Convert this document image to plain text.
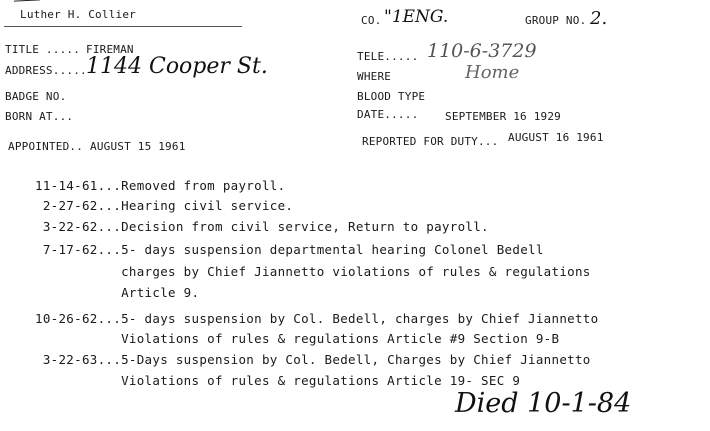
Luther H. Collier	CO. "1ENG.	GROUP NO. 2.
TITLE ..... FIREMAN
ADDRESS..... 1144 Cooper St.
BADGE NO.
BORN AT...
APPOINTED.. AUGUST 15 1961
TELE..... 110-6-3729
WHERE	Home
BLOOD TYPE
DATE..... SEPTEMBER 16 1929
REPORTED FOR DUTY... AUGUST 16 1961
11-14-61...Removed from payroll.
2-27-62...Hearing civil service.
3-22-62...Decision from civil service, Return to payroll.
7-17-62...5- days suspension departmental hearing Colonel Bedell
charges by Chief Jiannetto violations of rules & regulations
Article 9.
10-26-62...5- days suspension by Col. Bedell, charges by Chief Jiannetto
Violations of rules & regulations Article #9 Section 9-B
3-22-63...5-Days suspension by Col. Bedell, Charges by Chief Jiannetto
Violations of rules & regulations Article 19- SEC 9
Died 10-1-84
